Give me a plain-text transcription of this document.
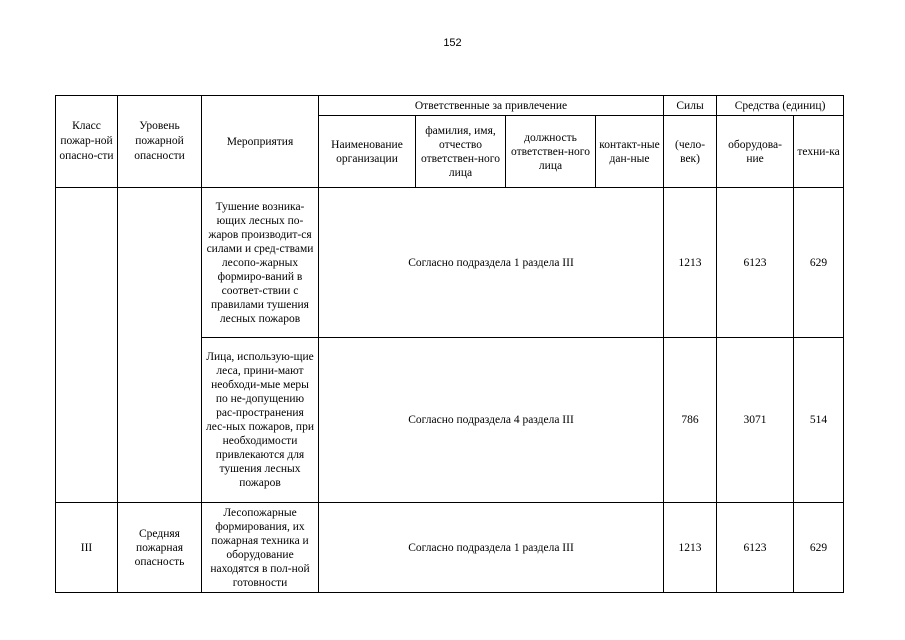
152
Класс пожар-ной опасно-сти	Уровень пожарной опасности	Мероприятия	Ответственные за привлечение				Силы	Средства (единиц)	
			Наименование организации	фамилия, имя, отчество ответствен-ного лица	должность ответствен-ного лица	контакт-ные дан-ные	(чело-век)	оборудова-ние	техни-ка
		Тушение возника-ющих лесных по-жаров производит-ся силами и сред-ствами лесопо-жарных формиро-ваний в соответ-ствии с правилами тушения лесных пожаров	Согласно подраздела 1 раздела III				1213	6123	629
		Лица, использую-щие леса, прини-мают необходи-мые меры по не-допущению рас-пространения лес-ных пожаров, при необходимости привлекаются для тушения лесных пожаров	Согласно подраздела 4 раздела III				786	3071	514
III	Средняя пожарная опасность	Лесопожарные формирования, их пожарная техника и оборудование находятся в пол-ной готовности	Согласно подраздела 1 раздела III				1213	6123	629
